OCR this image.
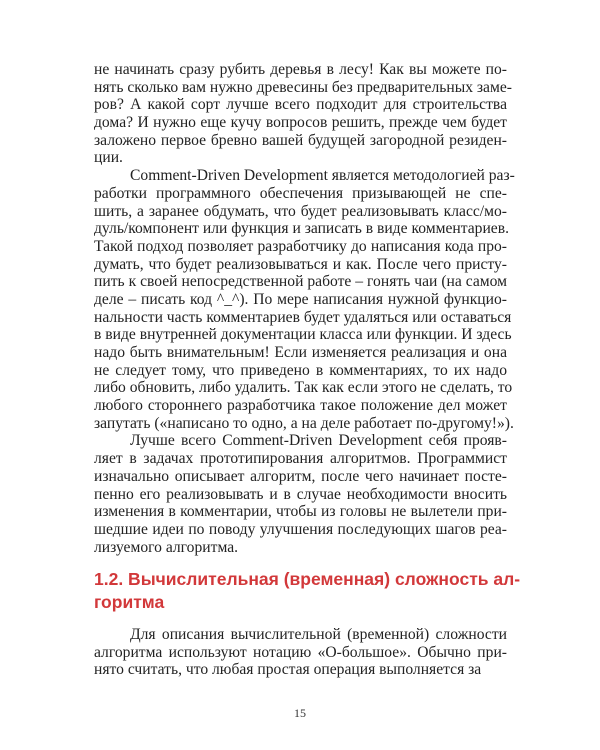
не начинать сразу рубить деревья в лесу! Как вы можете по-
нять сколько вам нужно древесины без предварительных заме-
ров? А какой сорт лучше всего подходит для строительства
дома? И нужно еще кучу вопросов решить, прежде чем будет
заложено первое бревно вашей будущей загородной резиден-
ции.
Comment-Driven Development является методологией раз-
работки программного обеспечения призывающей не спе-
шить, а заранее обдумать, что будет реализовывать класс/мо-
дуль/компонент или функция и записать в виде комментариев.
Такой подход позволяет разработчику до написания кода про-
думать, что будет реализовываться и как. После чего присту-
пить к своей непосредственной работе – гонять чаи (на самом
деле – писать код ^_^). По мере написания нужной функцио-
нальности часть комментариев будет удаляться или оставаться
в виде внутренней документации класса или функции. И здесь
надо быть внимательным! Если изменяется реализация и она
не следует тому, что приведено в комментариях, то их надо
либо обновить, либо удалить. Так как если этого не сделать, то
любого стороннего разработчика такое положение дел может
запутать («написано то одно, а на деле работает по-другому!»).
Лучше всего Comment-Driven Development себя прояв-
ляет в задачах прототипирования алгоритмов. Программист
изначально описывает алгоритм, после чего начинает посте-
пенно его реализовывать и в случае необходимости вносить
изменения в комментарии, чтобы из головы не вылетели при-
шедшие идеи по поводу улучшения последующих шагов реа-
лизуемого алгоритма.
1.2. Вычислительная (временная) сложность ал-
горитма
Для описания вычислительной (временной) сложности
алгоритма используют нотацию «О-большое». Обычно при-
нято считать, что любая простая операция выполняется за
15
